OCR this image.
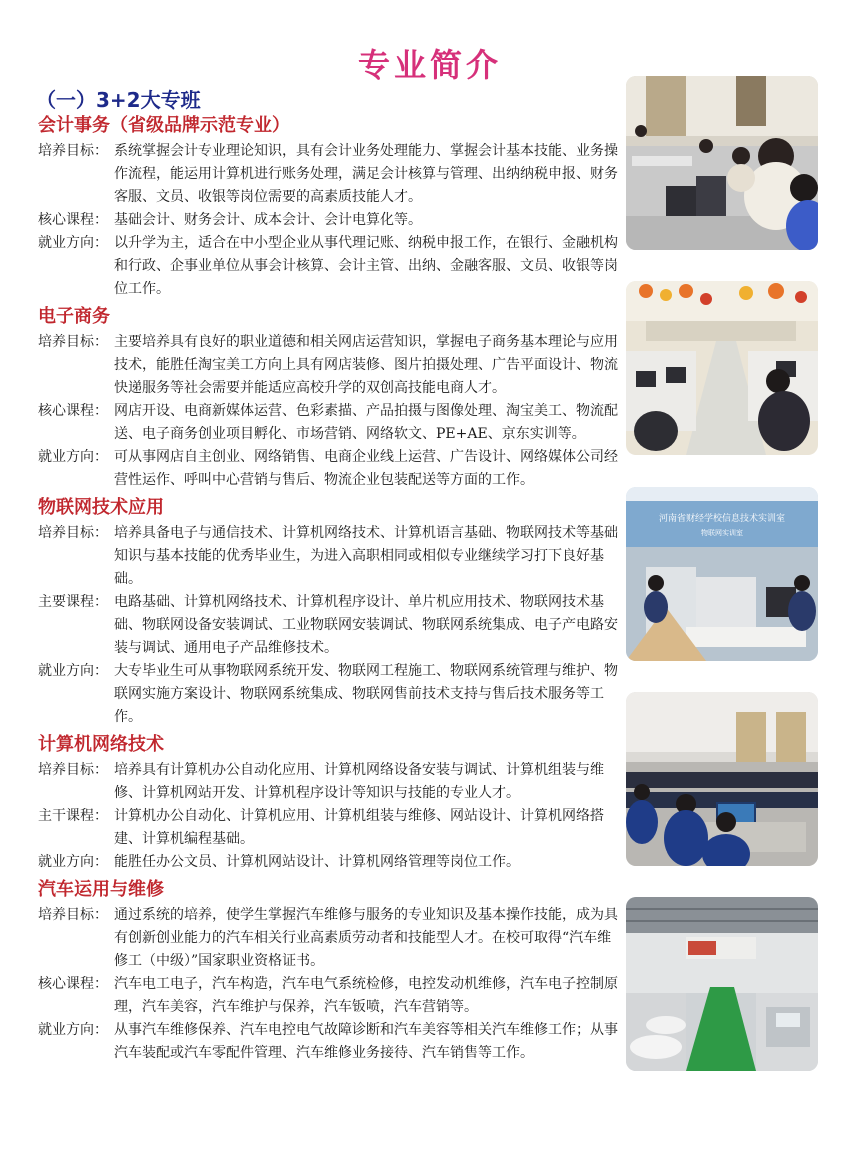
专业简介
（一）3+2大专班
会计事务（省级品牌示范专业）
培养目标： 系统掌握会计专业理论知识，具有会计业务处理能力、掌握会计基本技能、业务操作流程，能运用计算机进行账务处理，满足会计核算与管理、出纳纳税申报、财务客服、文员、收银等岗位需要的高素质技能人才。
核心课程： 基础会计、财务会计、成本会计、会计电算化等。
就业方向： 以升学为主，适合在中小型企业从事代理记账、纳税申报工作，在银行、金融机构和行政、企事业单位从事会计核算、会计主管、出纳、金融客服、文员、收银等岗位工作。
电子商务
培养目标： 主要培养具有良好的职业道德和相关网店运营知识，掌握电子商务基本理论与应用技术，能胜任淘宝美工方向上具有网店装修、图片拍摄处理、广告平面设计、物流快递服务等社会需要并能适应高校升学的双创高技能电商人才。
核心课程： 网店开设、电商新媒体运营、色彩素描、产品拍摄与图像处理、淘宝美工、物流配送、电子商务创业项目孵化、市场营销、网络软文、PE+AE、京东实训等。
就业方向： 可从事网店自主创业、网络销售、电商企业线上运营、广告设计、网络媒体公司经营性运作、呼叫中心营销与售后、物流企业包装配送等方面的工作。
物联网技术应用
培养目标： 培养具备电子与通信技术、计算机网络技术、计算机语言基础、物联网技术等基础知识与基本技能的优秀毕业生，为进入高职相同或相似专业继续学习打下良好基础。
主要课程： 电路基础、计算机网络技术、计算机程序设计、单片机应用技术、物联网技术基础、物联网设备安装调试、工业物联网安装调试、物联网系统集成、电子产电路安装与调试、通用电子产品维修技术。
就业方向： 大专毕业生可从事物联网系统开发、物联网工程施工、物联网系统管理与维护、物联网实施方案设计、物联网系统集成、物联网售前技术支持与售后技术服务等工作。
计算机网络技术
培养目标： 培养具有计算机办公自动化应用、计算机网络设备安装与调试、计算机组装与维修、计算机网站开发、计算机程序设计等知识与技能的专业人才。
主干课程： 计算机办公自动化、计算机应用、计算机组装与维修、网站设计、计算机网络搭建、计算机编程基础。
就业方向： 能胜任办公文员、计算机网站设计、计算机网络管理等岗位工作。
汽车运用与维修
培养目标： 通过系统的培养，使学生掌握汽车维修与服务的专业知识及基本操作技能，成为具有创新创业能力的汽车相关行业高素质劳动者和技能型人才。在校可取得“汽车维修工（中级）”国家职业资格证书。
核心课程： 汽车电工电子，汽车构造，汽车电气系统检修，电控发动机维修，汽车电子控制原理，汽车美容，汽车维护与保养，汽车钣喷，汽车营销等。
就业方向： 从事汽车维修保养、汽车电控电气故障诊断和汽车美容等相关汽车维修工作；从事汽车装配或汽车零配件管理、汽车维修业务接待、汽车销售等工作。
河南省财经学校信息技术实训室
物联网实训室
